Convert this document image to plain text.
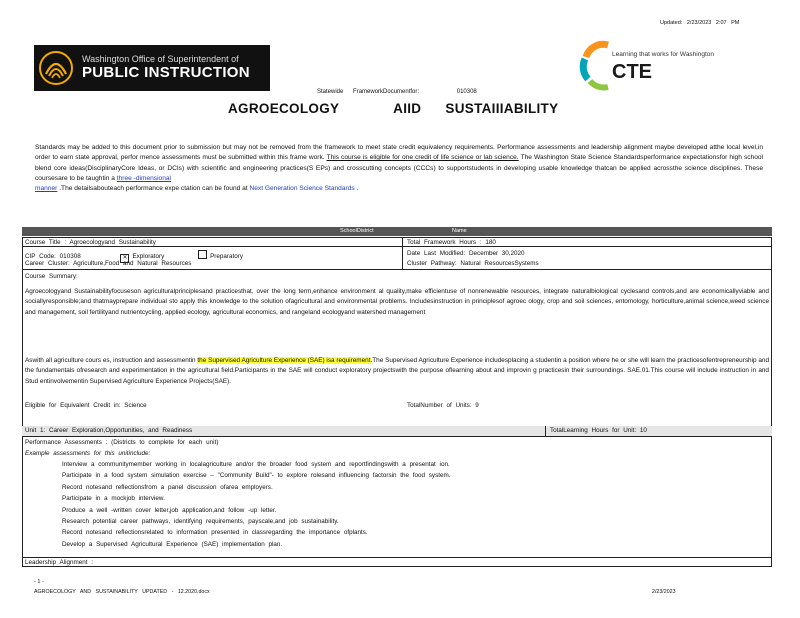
Updated: 2/23/2023 2:07 PM
Washington Office of Superintendent of
PUBLIC INSTRUCTION
Learning that works for Washington
CTE
Statewide FrameworkDocumentfor:	010308
AGROECOLOGY	AIID SUSTAIIIABILITY
Standards may be added to this document prior to submission but may not be removed from the framework to meet state credit equivalency requirements. Performance assessments and leadership alignment maybe developed atthe local level,in order to earn state approval, perfor mence assessments must be submitted within this frame work. This course is eligible for one credit of life science or lab science. The Washington State Science Standardsperformance expectationsfor high school blend core ideas(DisciplinaryCore Ideas, or DCIs) with scientific and engineering practices(S EPs) and crosscutting concepts (CCCs) to supportstudents in developing usable knowledge thatcan be applied acrossthe science disciplines. These coursesare to be taughtin a three -dimensional
manner .The detailsabouteach performance expe ctation can be found at Next Generation Science Standards .
SchoolDistrict	Name
Course Title : Agroecologyand Sustainability	Total Framework Hours : 180
CIP Code: 010308	✕ Exploratory	Preparatory	Date Last Modified: December 30,2020
Career Cluster: Agriculture,Food and Natural Resources	Cluster Pathway: Natural ResourcesSystems
Course Summary:
Agroecologyand Sustainabilityfocuseson agriculturalprinciplesand practicesthat, over the long term,enhance environment al quality,make efficientuse of nonrenewable resources, integrate naturalbiological cyclesand controls,and are economicallyviable and sociallyresponsible;and thatmayprepare individual sto apply this knowledge to the solution ofagricultural and environmental problems. Includesinstruction in principlesof agroec ology, crop and soil sciences, entomology, horticulture,animal science,weed science and management, soil fertilityand nutrientcycling, applied ecology, agricultural economics, and rangeland ecologyand watershed management
Aswith all agriculture cours es, instruction and assessmentin the Supervised Agriculture Experience (SAE) isa requirement.The Supervised Agriculture Experience includesplacing a studentin a position where he or she will learn the practicesofentrepreneurship and the fundamentals ofresearch and experimentation in the agricultural field.Participants in the SAE will conduct exploratory projectswith the purpose oflearning about and improvin g practicesin their surroundings. SAE.01.This course will include instruction in and Stud entinvolvementin Supervised Agriculture Experience Projects(SAE).
Eligible for Equivalent Credit in: Science	TotalNumber of Units: 9
Unit 1: Career Exploration,Opportunities, and Readiness	TotalLearning Hours for Unit: 10
Performance Assessments : (Districts to complete for each unit)
Example assessments for this unitinclude:
Interview a communitymember working in localagriculture and/or the broader food system and reportfindingswith a presentat ion.
Participate in a food system simulation exercise – "Community Build"- to explore rolesand influencing factorsin the food system.
Record notesand reflectionsfrom a panel discussion ofarea employers.
Participate in a mockjob interview.
Produce a well -written cover letter,job application,and follow -up letter.
Research potential career pathways, identifying requirements, payscale,and job sustainability.
Record notesand reflectionsrelated to information presented in classregarding the importance ofplants.
Develop a Supervised Agricultural Experience (SAE) implementation plan.
Leadership Alignment :
- 1 -
AGROECOLOGY AND SUSTAINABILITY UPDATED - 12.2020.docx	2/23/2023
